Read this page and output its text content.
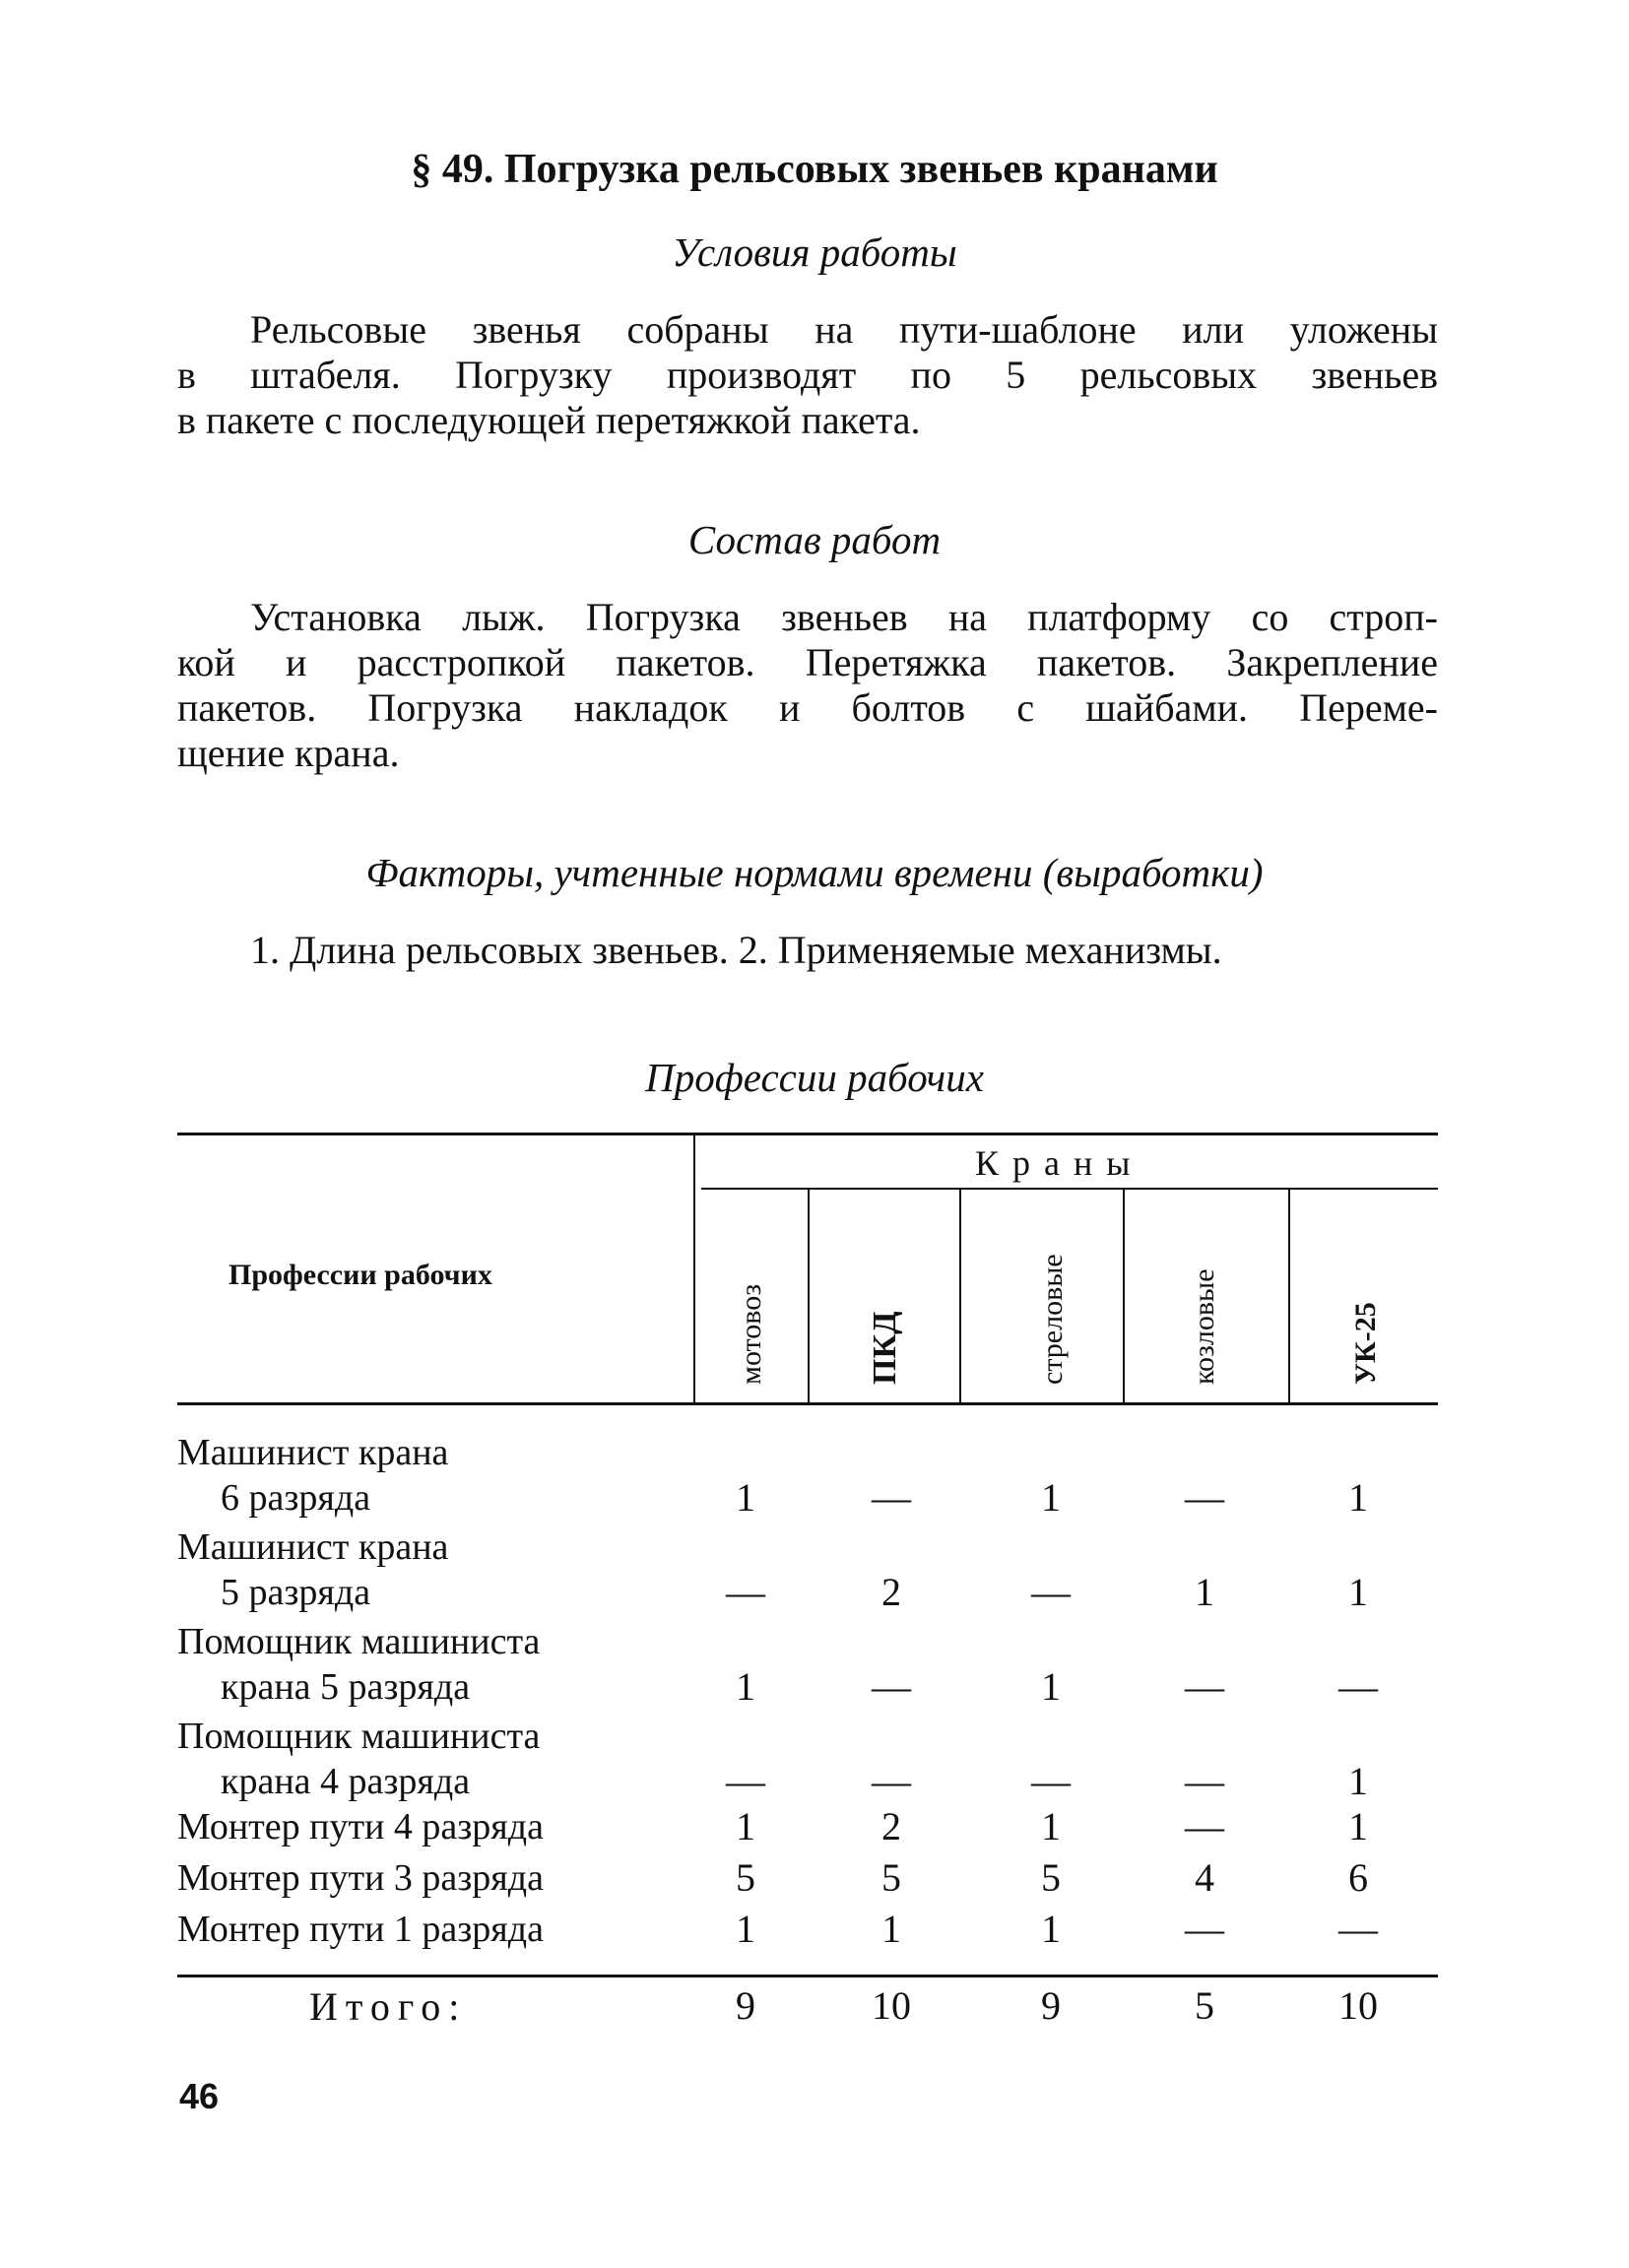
§ 49. Погрузка рельсовых звеньев кранами
Условия работы
Рельсовые звенья собраны на пути-шаблоне или уложены
в штабеля. Погрузку производят по 5 рельсовых звеньев
в пакете с последующей перетяжкой пакета.
Состав работ
Установка лыж. Погрузка звеньев на платформу со строп-
кой и расстропкой пакетов. Перетяжка пакетов. Закрепление
пакетов. Погрузка накладок и болтов с шайбами. Переме-
щение крана.
Факторы, учтенные нормами времени (выработки)
1. Длина рельсовых звеньев. 2. Применяемые механизмы.
Профессии рабочих
Профессии рабочих
Краны
мотовоз	ПКД	стреловые	козловые	УК-25
Машинист крана
6 разряда	1	—	1	—	1
Машинист крана
5 разряда	—	2	—	1	1
Помощник машиниста
крана 5 разряда	1	—	1	—	—
Помощник машиниста
крана 4 разряда	—	—	—	—	1
Монтер пути 4 разряда	1	2	1	—	1
Монтер пути 3 разряда	5	5	5	4	6
Монтер пути 1 разряда	1	1	1	—	—
Итого:	9	10	9	5	10
46
